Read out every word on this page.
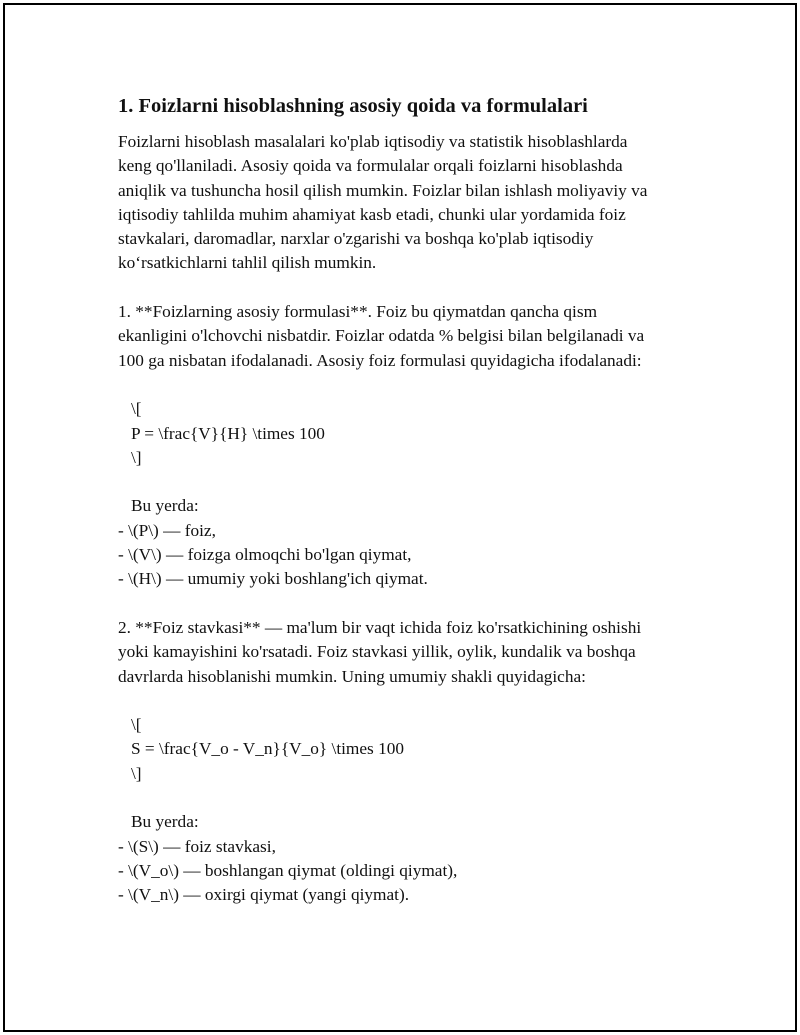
1. Foizlarni hisoblashning asosiy qoida va formulalari
Foizlarni hisoblash masalalari ko'plab iqtisodiy va statistik hisoblashlarda
keng qo'llaniladi. Asosiy qoida va formulalar orqali foizlarni hisoblashda
aniqlik va tushuncha hosil qilish mumkin. Foizlar bilan ishlash moliyaviy va
iqtisodiy tahlilda muhim ahamiyat kasb etadi, chunki ular yordamida foiz
stavkalari, daromadlar, narxlar o'zgarishi va boshqa ko'plab iqtisodiy
ko‘rsatkichlarni tahlil qilish mumkin.
1. **Foizlarning asosiy formulasi**. Foiz bu qiymatdan qancha qism
ekanligini o'lchovchi nisbatdir. Foizlar odatda % belgisi bilan belgilanadi va
100 ga nisbatan ifodalanadi. Asosiy foiz formulasi quyidagicha ifodalanadi:
\[
P = \frac{V}{H} \times 100
\]
Bu yerda:
- \(P\) — foiz,
- \(V\) — foizga olmoqchi bo'lgan qiymat,
- \(H\) — umumiy yoki boshlang'ich qiymat.
2. **Foiz stavkasi** — ma'lum bir vaqt ichida foiz ko'rsatkichining oshishi
yoki kamayishini ko'rsatadi. Foiz stavkasi yillik, oylik, kundalik va boshqa
davrlarda hisoblanishi mumkin. Uning umumiy shakli quyidagicha:
\[
S = \frac{V_o - V_n}{V_o} \times 100
\]
Bu yerda:
- \(S\) — foiz stavkasi,
- \(V_o\) — boshlangan qiymat (oldingi qiymat),
- \(V_n\) — oxirgi qiymat (yangi qiymat).
